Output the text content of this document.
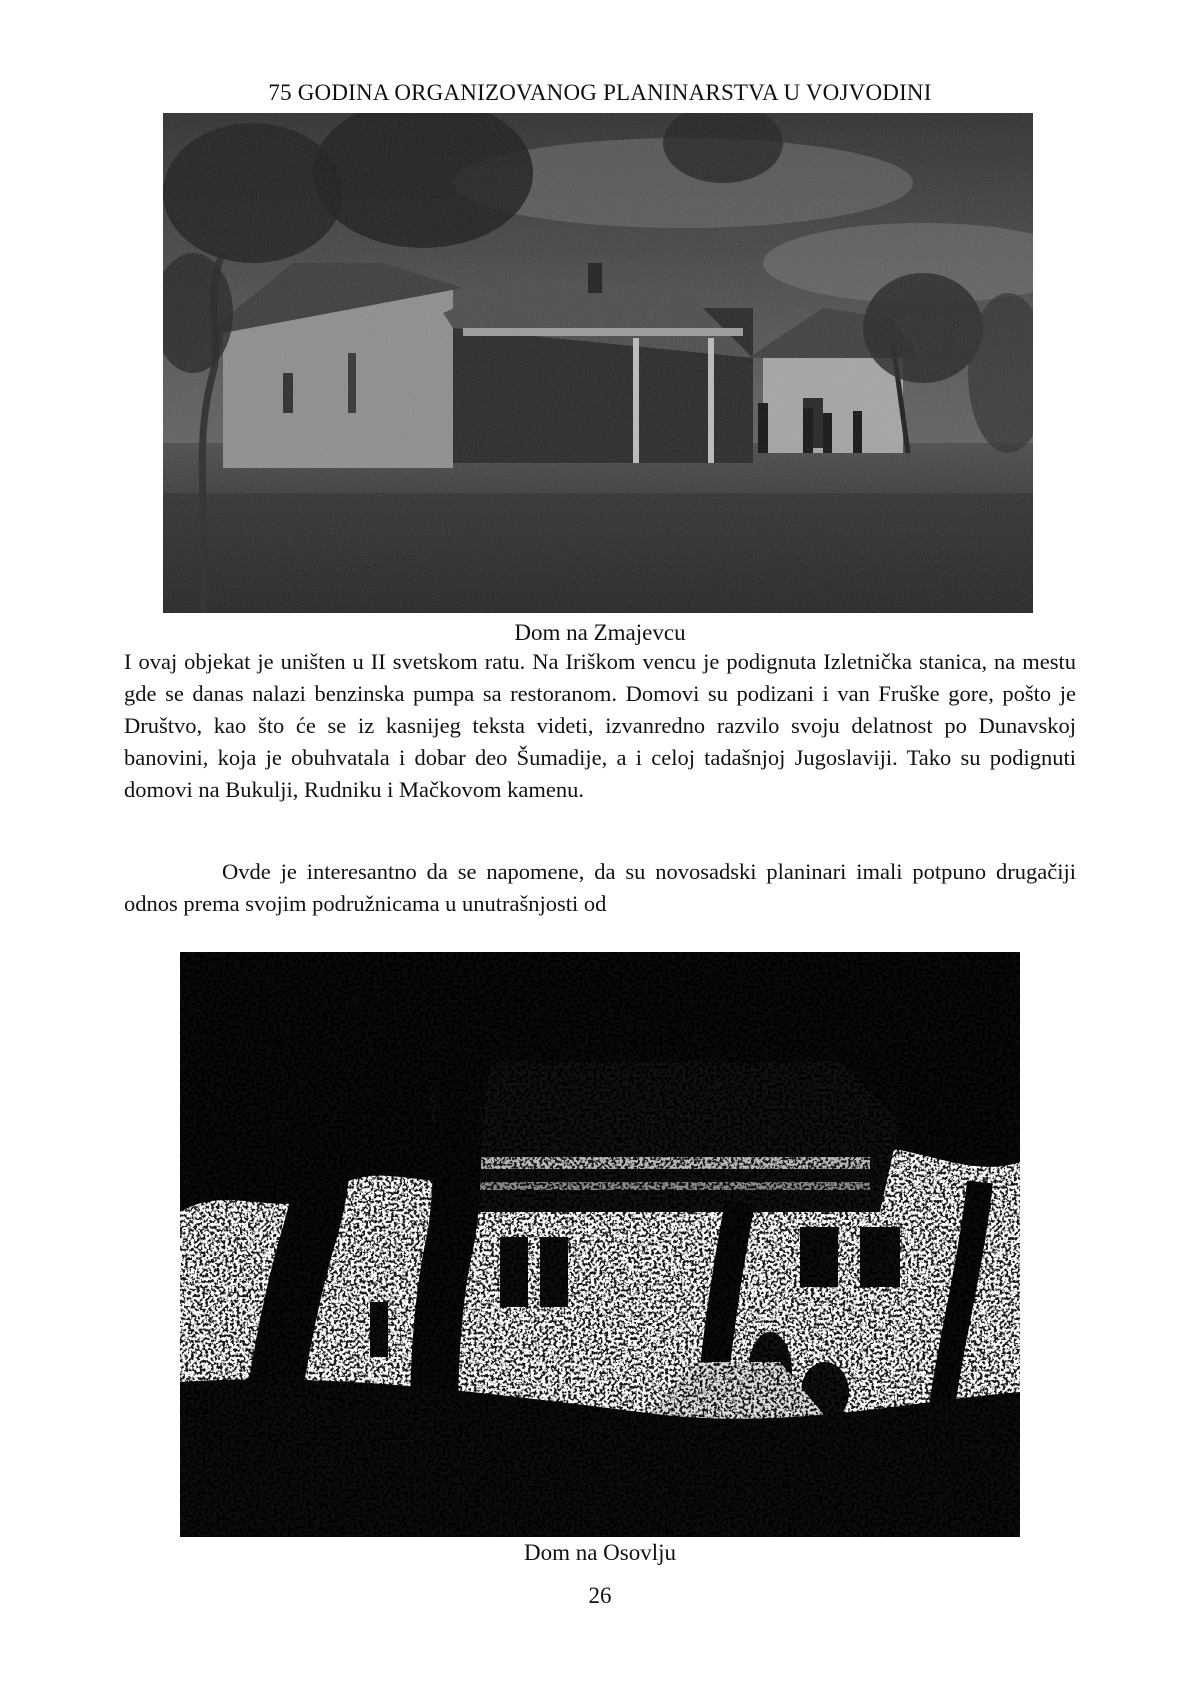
75 GODINA ORGANIZOVANOG PLANINARSTVA U VOJVODINI
Dom na Zmajevcu

I ovaj objekat je uništen u II svetskom ratu. Na Iriškom vencu je podignuta Izletnička stanica, na mestu gde se danas nalazi benzinska pumpa sa restoranom. Domovi su podizani i van Fruške gore, pošto je Društvo, kao što će se iz kasnijeg teksta videti, izvanredno razvilo svoju delatnost po Dunavskoj banovini, koja je obuhvatala i dobar deo Šumadije, a i celoj tadašnjoj Jugoslaviji. Tako su podignuti domovi na Bukulji, Rudniku i Mačkovom kamenu.

Ovde je interesantno da se napomene, da su novosadski planinari imali potpuno drugačiji odnos prema svojim podružnicama u unutrašnjosti od

Dom na Osovlju
26
